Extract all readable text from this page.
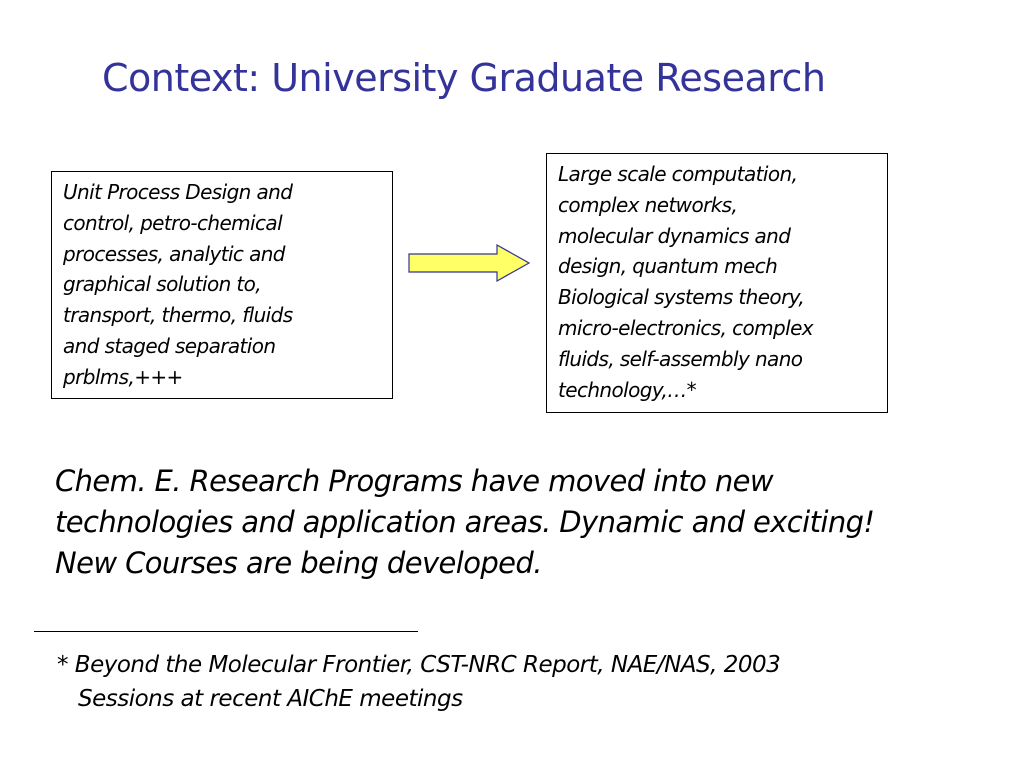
Context: University Graduate Research
Unit Process Design and
control, petro-chemical
processes, analytic and
graphical solution to,
transport, thermo, fluids
and staged separation
prblms,+++
Large scale computation,
complex networks,
molecular dynamics and
design, quantum mech
Biological systems theory,
micro-electronics, complex
fluids, self-assembly nano
technology,…*

Chem. E. Research Programs have moved into new
technologies and application areas. Dynamic and exciting!
New Courses are being developed.

* Beyond the Molecular Frontier, CST-NRC Report, NAE/NAS, 2003
Sessions at recent AIChE meetings
